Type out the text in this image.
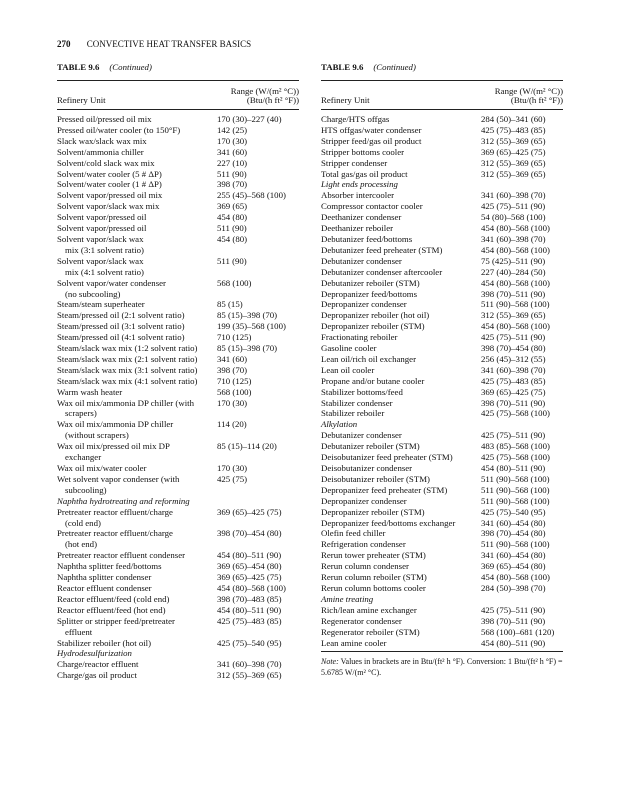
270 CONVECTIVE HEAT TRANSFER BASICS
TABLE 9.6 (Continued)
Refinery Unit
Range (W/(m² °C))
(Btu/(h ft² °F))
Pressed oil/pressed oil mix	170 (30)–227 (40)
Pressed oil/water cooler (to 150°F)	142 (25)
Slack wax/slack wax mix	170 (30)
Solvent/ammonia chiller	341 (60)
Solvent/cold slack wax mix	227 (10)
Solvent/water cooler (5 # ΔP)	511 (90)
Solvent/water cooler (1 # ΔP)	398 (70)
Solvent vapor/pressed oil mix	255 (45)–568 (100)
Solvent vapor/slack wax mix	369 (65)
Solvent vapor/pressed oil	454 (80)
Solvent vapor/pressed oil	511 (90)
Solvent vapor/slack wax	454 (80)
mix (3:1 solvent ratio)
Solvent vapor/slack wax	511 (90)
mix (4:1 solvent ratio)
Solvent vapor/water condenser	568 (100)
(no subcooling)
Steam/steam superheater	85 (15)
Steam/pressed oil (2:1 solvent ratio)	85 (15)–398 (70)
Steam/pressed oil (3:1 solvent ratio)	199 (35)–568 (100)
Steam/pressed oil (4:1 solvent ratio)	710 (125)
Steam/slack wax mix (1:2 solvent ratio)	85 (15)–398 (70)
Steam/slack wax mix (2:1 solvent ratio)	341 (60)
Steam/slack wax mix (3:1 solvent ratio)	398 (70)
Steam/slack wax mix (4:1 solvent ratio)	710 (125)
Warm wash heater	568 (100)
Wax oil mix/ammonia DP chiller (with	170 (30)
scrapers)
Wax oil mix/ammonia DP chiller	114 (20)
(without scrapers)
Wax oil mix/pressed oil mix DP	85 (15)–114 (20)
exchanger
Wax oil mix/water cooler	170 (30)
Wet solvent vapor condenser (with	425 (75)
subcooling)
Naphtha hydrotreating and reforming
Pretreater reactor effluent/charge	369 (65)–425 (75)
(cold end)
Pretreater reactor effluent/charge	398 (70)–454 (80)
(hot end)
Pretreater reactor effluent condenser	454 (80)–511 (90)
Naphtha splitter feed/bottoms	369 (65)–454 (80)
Naphtha splitter condenser	369 (65)–425 (75)
Reactor effluent condenser	454 (80)–568 (100)
Reactor effluent/feed (cold end)	398 (70)–483 (85)
Reactor effluent/feed (hot end)	454 (80)–511 (90)
Splitter or stripper feed/pretreater	425 (75)–483 (85)
effluent
Stabilizer reboiler (hot oil)	425 (75)–540 (95)
Hydrodesulfurization
Charge/reactor effluent	341 (60)–398 (70)
Charge/gas oil product	312 (55)–369 (65)
TABLE 9.6 (Continued)
Refinery Unit
Range (W/(m² °C))
(Btu/(h ft² °F))
Charge/HTS offgas	284 (50)–341 (60)
HTS offgas/water condenser	425 (75)–483 (85)
Stripper feed/gas oil product	312 (55)–369 (65)
Stripper bottoms cooler	369 (65)–425 (75)
Stripper condenser	312 (55)–369 (65)
Total gas/gas oil product	312 (55)–369 (65)
Light ends processing
Absorber intercooler	341 (60)–398 (70)
Compressor contactor cooler	425 (75)–511 (90)
Deethanizer condenser	54 (80)–568 (100)
Deethanizer reboiler	454 (80)–568 (100)
Debutanizer feed/bottoms	341 (60)–398 (70)
Debutanizer feed preheater (STM)	454 (80)–568 (100)
Debutanizer condenser	75 (425)–511 (90)
Debutanizer condenser aftercooler	227 (40)–284 (50)
Debutanizer reboiler (STM)	454 (80)–568 (100)
Depropanizer feed/bottoms	398 (70)–511 (90)
Depropanizer condenser	511 (90)–568 (100)
Depropanizer reboiler (hot oil)	312 (55)–369 (65)
Depropanizer reboiler (STM)	454 (80)–568 (100)
Fractionating reboiler	425 (75)–511 (90)
Gasoline cooler	398 (70)–454 (80)
Lean oil/rich oil exchanger	256 (45)–312 (55)
Lean oil cooler	341 (60)–398 (70)
Propane and/or butane cooler	425 (75)–483 (85)
Stabilizer bottoms/feed	369 (65)–425 (75)
Stabilizer condenser	398 (70)–511 (90)
Stabilizer reboiler	425 (75)–568 (100)
Alkylation
Debutanizer condenser	425 (75)–511 (90)
Debutanizer reboiler (STM)	483 (85)–568 (100)
Deisobutanizer feed preheater (STM)	425 (75)–568 (100)
Deisobutanizer condenser	454 (80)–511 (90)
Deisobutanizer reboiler (STM)	511 (90)–568 (100)
Depropanizer feed preheater (STM)	511 (90)–568 (100)
Depropanizer condenser	511 (90)–568 (100)
Depropanizer reboiler (STM)	425 (75)–540 (95)
Depropanizer feed/bottoms exchanger	341 (60)–454 (80)
Olefin feed chiller	398 (70)–454 (80)
Refrigeration condenser	511 (90)–568 (100)
Rerun tower preheater (STM)	341 (60)–454 (80)
Rerun column condenser	369 (65)–454 (80)
Rerun column reboiler (STM)	454 (80)–568 (100)
Rerun column bottoms cooler	284 (50)–398 (70)
Amine treating
Rich/lean amine exchanger	425 (75)–511 (90)
Regenerator condenser	398 (70)–511 (90)
Regenerator reboiler (STM)	568 (100)–681 (120)
Lean amine cooler	454 (80)–511 (90)
Note: Values in brackets are in Btu/(ft² h °F). Conversion: 1 Btu/(ft² h °F) = 5.6785 W/(m² °C).
